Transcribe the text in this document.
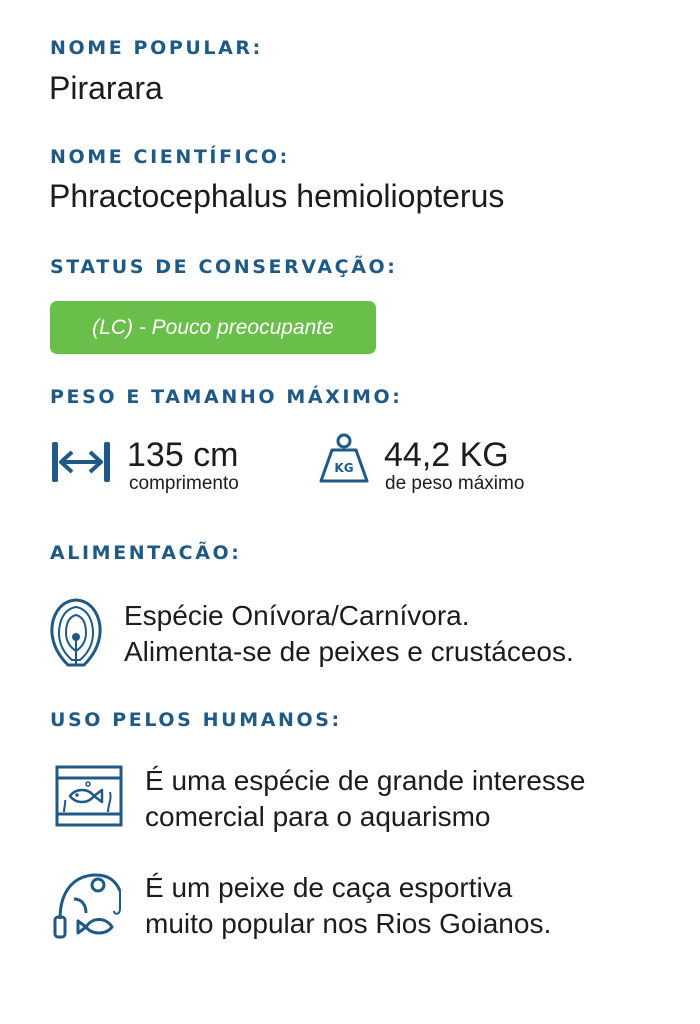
NOME POPULAR:
Pirarara
NOME CIENTÍFICO:
Phractocephalus hemioliopterus
STATUS DE CONSERVAÇÃO:
(LC) - Pouco preocupante
PESO E TAMANHO MÁXIMO:
135 cm
comprimento
KG 44,2 KG
de peso máximo
ALIMENTACÃO:
Espécie Onívora/Carnívora.
Alimenta-se de peixes e crustáceos.
USO PELOS HUMANOS:
É uma espécie de grande interesse
comercial para o aquarismo
É um peixe de caça esportiva
muito popular nos Rios Goianos.
